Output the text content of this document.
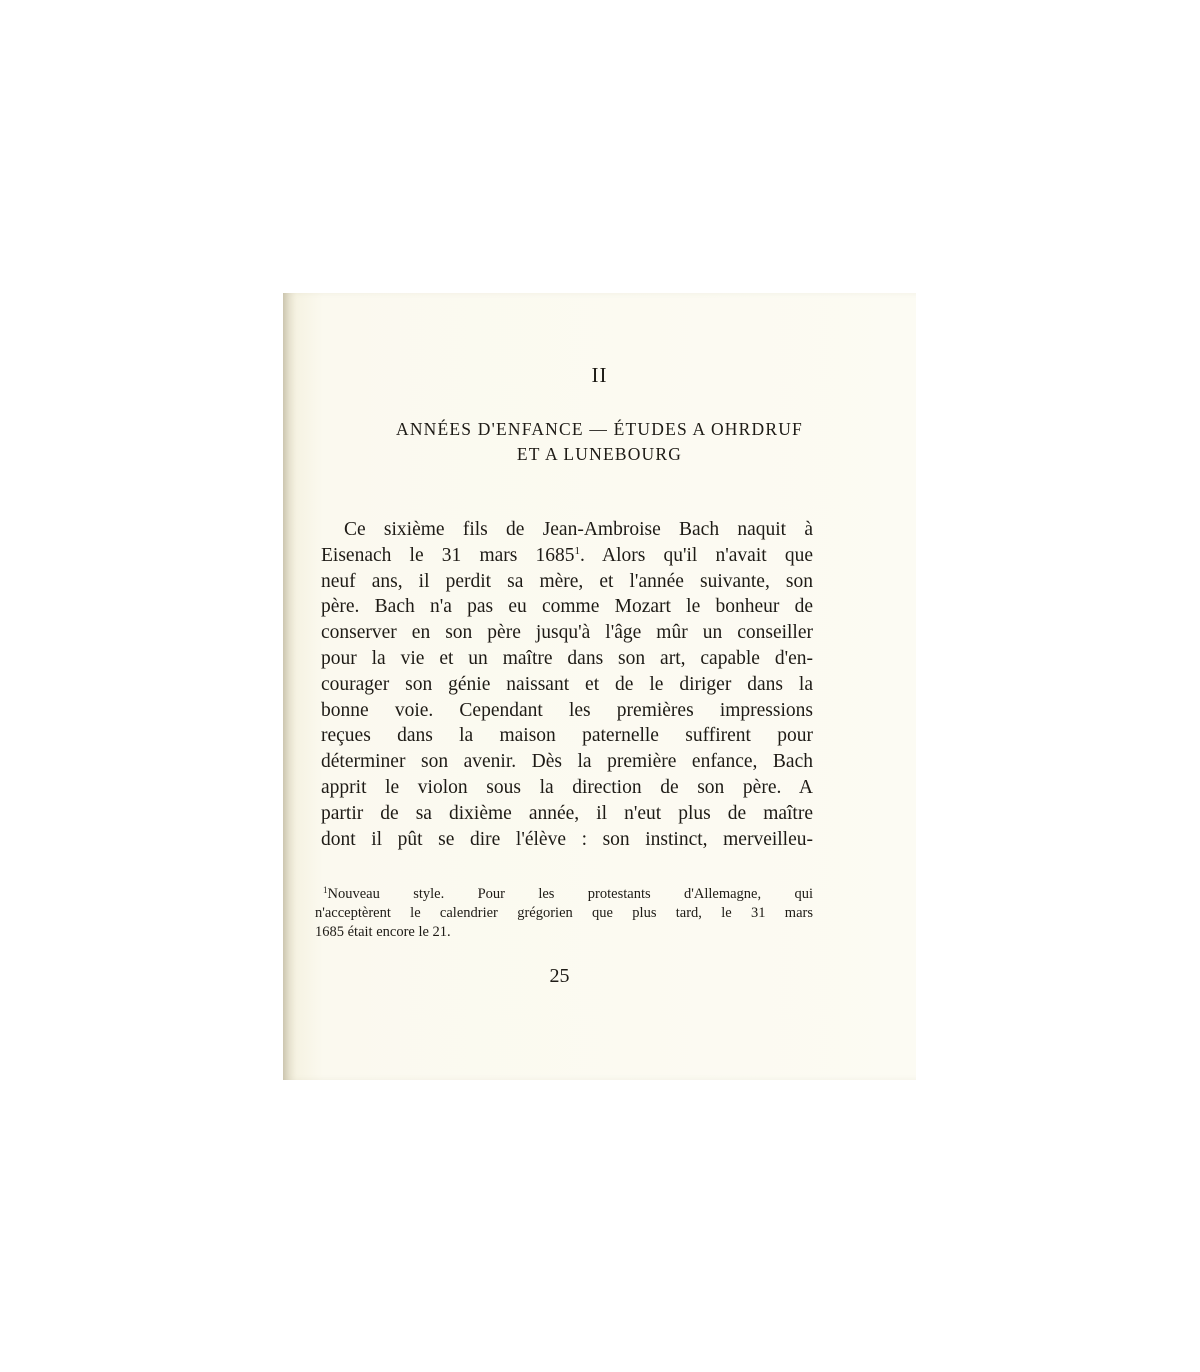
II
ANNÉES D'ENFANCE — ÉTUDES A OHRDRUF
ET A LUNEBOURG
Ce sixième fils de Jean-Ambroise Bach naquit à
Eisenach le 31 mars 1685$^1$. Alors qu'il n'avait que
neuf ans, il perdit sa mère, et l'année suivante, son
père. Bach n'a pas eu comme Mozart le bonheur de
conserver en son père jusqu'à l'âge mûr un conseiller
pour la vie et un maître dans son art, capable d'en-
courager son génie naissant et de le diriger dans la
bonne voie. Cependant les premières impressions
reçues dans la maison paternelle suffirent pour
déterminer son avenir. Dès la première enfance, Bach
apprit le violon sous la direction de son père. A
partir de sa dixième année, il n'eut plus de maître
dont il pût se dire l'élève : son instinct, merveilleu-
$^1$Nouveau style. Pour les protestants d'Allemagne, qui
n'acceptèrent le calendrier grégorien que plus tard, le 31 mars
1685 était encore le 21.
25
